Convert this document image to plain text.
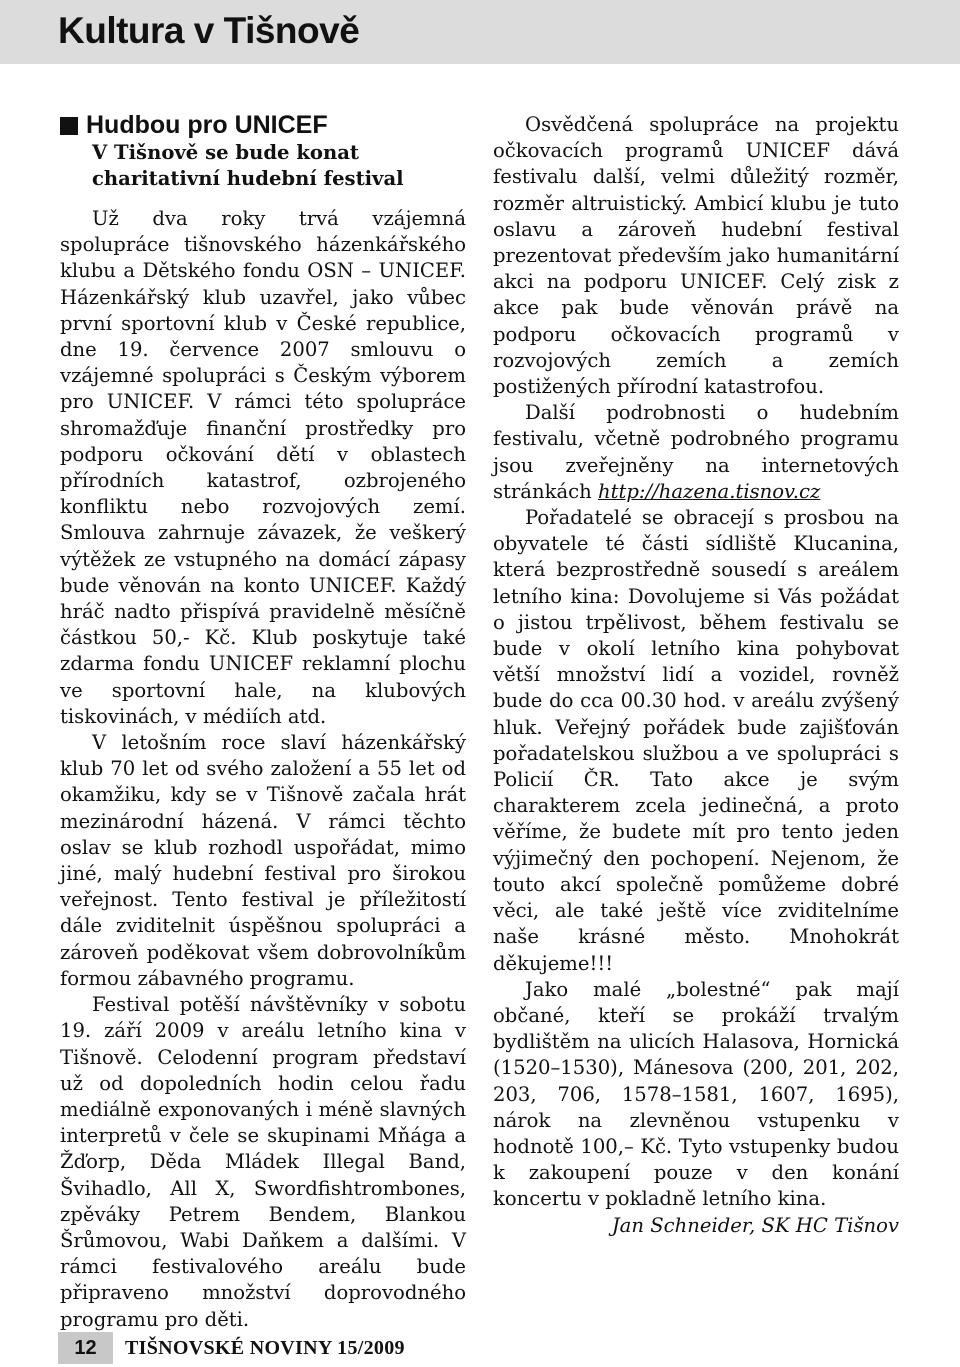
Kultura v Tišnově
Hudbou pro UNICEF
V Tišnově se bude konat
charitativní hudební festival

Už dva roky trvá vzájemná spolupráce tišnovského házenkářského klubu a Dětského fondu OSN – UNICEF. Házenkářský klub uzavřel, jako vůbec první sportovní klub v České republice, dne 19. července 2007 smlouvu o vzájemné spolupráci s Českým výborem pro UNICEF. V rámci této spolupráce shromažďuje finanční prostředky pro podporu očkování dětí v oblastech přírodních katastrof, ozbrojeného konfliktu nebo rozvojových zemí. Smlouva zahrnuje závazek, že veškerý výtěžek ze vstupného na domácí zápasy bude věnován na konto UNICEF. Každý hráč nadto přispívá pravidelně měsíčně částkou 50,- Kč. Klub poskytuje také zdarma fondu UNICEF reklamní plochu ve sportovní hale, na klubových tiskovinách, v médiích atd.

V letošním roce slaví házenkářský klub 70 let od svého založení a 55 let od okamžiku, kdy se v Tišnově začala hrát mezinárodní házená. V rámci těchto oslav se klub rozhodl uspořádat, mimo jiné, malý hudební festival pro širokou veřejnost. Tento festival je příležitostí dále zviditelnit úspěšnou spolupráci a zároveň poděkovat všem dobrovolníkům formou zábavného programu.

Festival potěší návštěvníky v sobotu 19. září 2009 v areálu letního kina v Tišnově. Celodenní program představí už od dopoledních hodin celou řadu mediálně exponovaných i méně slavných interpretů v čele se skupinami Mňága a Žďorp, Děda Mládek Illegal Band, Švihadlo, All X, Swordfishtrombones, zpěváky Petrem Bendem, Blankou Šrůmovou, Wabi Daňkem a dalšími. V rámci festivalového areálu bude připraveno množství doprovodného programu pro děti.

Osvědčená spolupráce na projektu očkovacích programů UNICEF dává festivalu další, velmi důležitý rozměr, rozměr altruistický. Ambicí klubu je tuto oslavu a zároveň hudební festival prezentovat především jako humanitární akci na podporu UNICEF. Celý zisk z akce pak bude věnován právě na podporu očkovacích programů v rozvojových zemích a zemích postižených přírodní katastrofou.

Další podrobnosti o hudebním festivalu, včetně podrobného programu jsou zveřejněny na internetových stránkách http://hazena.tisnov.cz

Pořadatelé se obracejí s prosbou na obyvatele té části sídliště Klucanina, která bezprostředně sousedí s areálem letního kina: Dovolujeme si Vás požádat o jistou trpělivost, během festivalu se bude v okolí letního kina pohybovat větší množství lidí a vozidel, rovněž bude do cca 00.30 hod. v areálu zvýšený hluk. Veřejný pořádek bude zajišťován pořadatelskou službou a ve spolupráci s Policií ČR. Tato akce je svým charakterem zcela jedinečná, a proto věříme, že budete mít pro tento jeden výjimečný den pochopení. Nejenom, že touto akcí společně pomůžeme dobré věci, ale také ještě více zviditelníme naše krásné město. Mnohokrát děkujeme!!!

Jako malé „bolestné“ pak mají občané, kteří se prokáží trvalým bydlištěm na ulicích Halasova, Hornická (1520–1530), Mánesova (200, 201, 202, 203, 706, 1578–1581, 1607, 1695), nárok na zlevněnou vstupenku v hodnotě 100,– Kč. Tyto vstupenky budou k zakoupení pouze v den konání koncertu v pokladně letního kina.

Jan Schneider, SK HC Tišnov

12	TIŠNOVSKÉ NOVINY 15/2009
